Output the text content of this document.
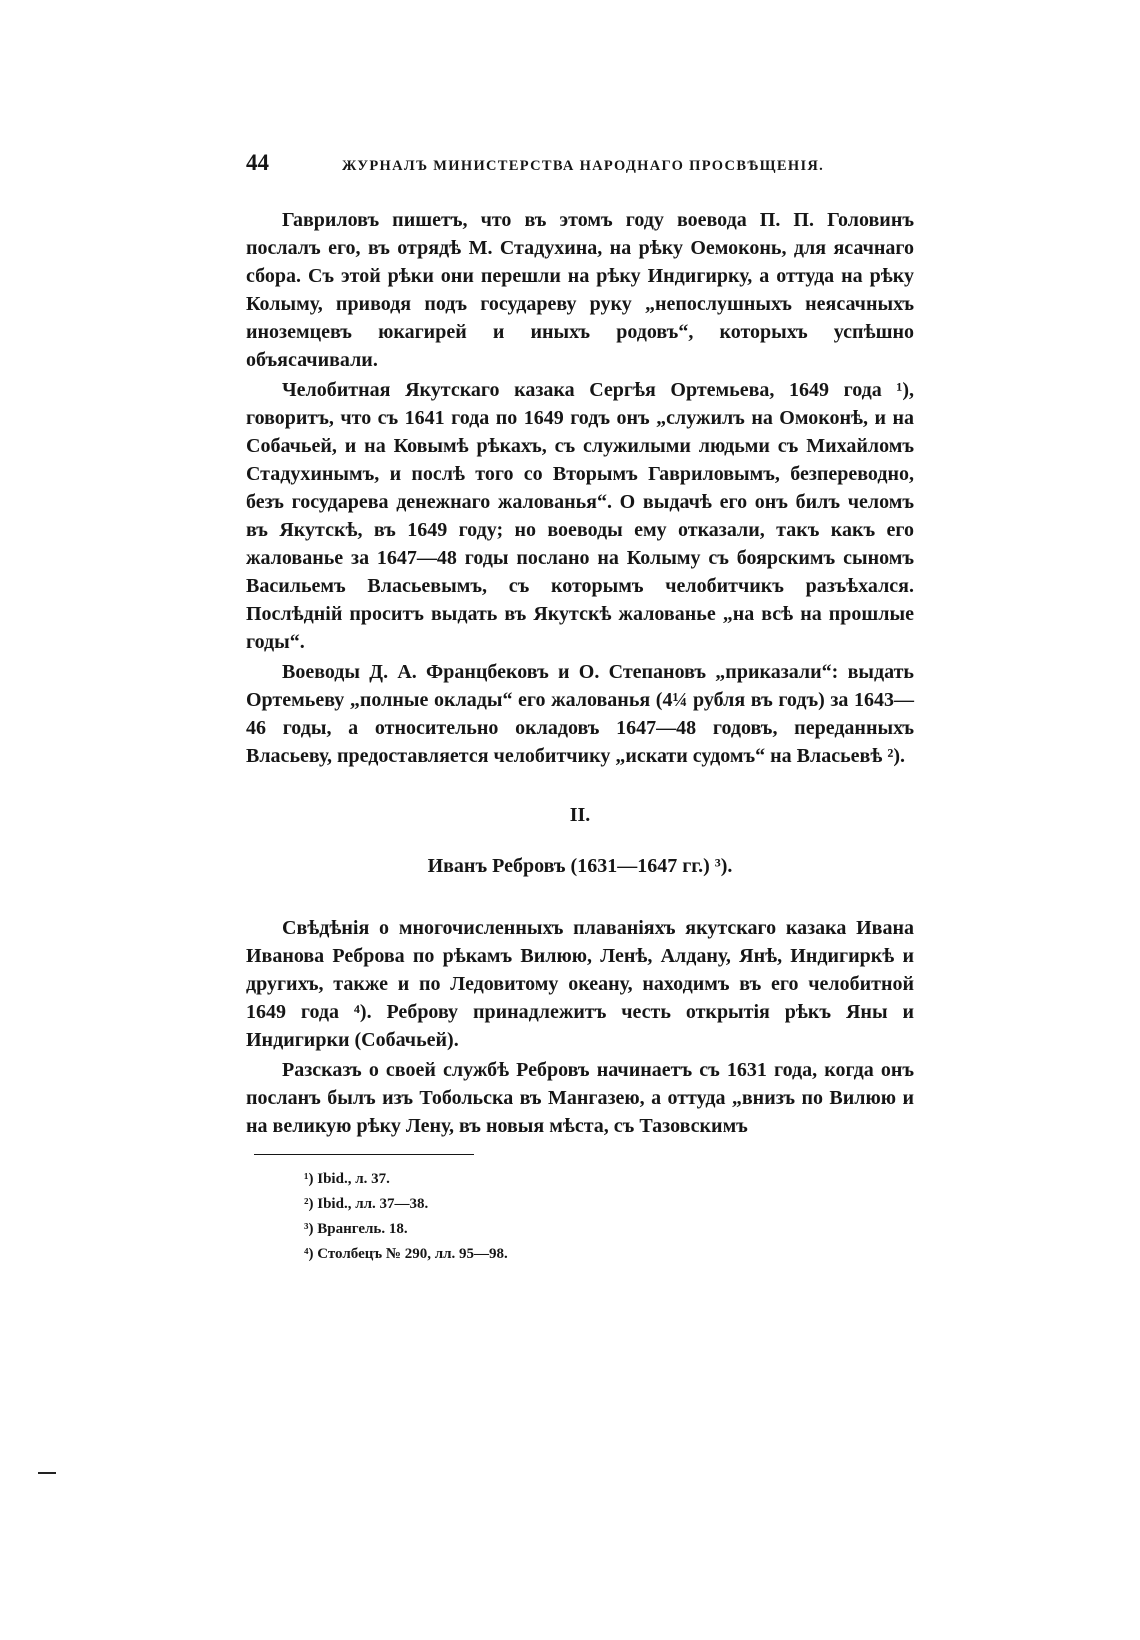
44	ЖУРНАЛЪ МИНИСТЕРСТВА НАРОДНАГО ПРОСВѢЩЕНІЯ.

Гавриловъ пишетъ, что въ этомъ году воевода П. П. Головинъ послалъ его, въ отрядѣ М. Стадухина, на рѣку Оемоконь, для ясачнаго сбора. Съ этой рѣки они перешли на рѣку Индигирку, а оттуда на рѣку Колыму, приводя подъ государеву руку „непослушныхъ неясачныхъ иноземцевъ юкагирей и иныхъ родовъ“, которыхъ успѣшно объясачивали.

Челобитная Якутскаго казака Сергѣя Ортемьева, 1649 года ¹), говоритъ, что съ 1641 года по 1649 годъ онъ „служилъ на Омоконѣ, и на Собачьей, и на Ковымѣ рѣкахъ, съ служилыми людьми съ Михайломъ Стадухинымъ, и послѣ того со Вторымъ Гавриловымъ, безпереводно, безъ государева денежнаго жалованья“. О выдачѣ его онъ билъ челомъ въ Якутскѣ, въ 1649 году; но воеводы ему отказали, такъ какъ его жалованье за 1647—48 годы послано на Колыму съ боярскимъ сыномъ Васильемъ Власьевымъ, съ которымъ челобитчикъ разъѣхался. Послѣдній проситъ выдать въ Якутскѣ жалованье „на всѣ на прошлые годы“.

Воеводы Д. А. Францбековъ и О. Степановъ „приказали“: выдать Ортемьеву „полные оклады“ его жалованья (4¼ рубля въ годъ) за 1643—46 годы, а относительно окладовъ 1647—48 годовъ, переданныхъ Власьеву, предоставляется челобитчику „искати судомъ“ на Власьевѣ ²).

II.
Иванъ Ребровъ (1631—1647 гг.) ³).

Свѣдѣнія о многочисленныхъ плаваніяхъ якутскаго казака Ивана Иванова Реброва по рѣкамъ Вилюю, Ленѣ, Алдану, Янѣ, Индигиркѣ и другихъ, также и по Ледовитому океану, находимъ въ его челобитной 1649 года ⁴). Реброву принадлежитъ честь открытія рѣкъ Яны и Индигирки (Собачьей).

Разсказъ о своей службѣ Ребровъ начинаетъ съ 1631 года, когда онъ посланъ былъ изъ Тобольска въ Мангазею, а оттуда „внизъ по Вилюю и на великую рѣку Лену, въ новыя мѣста, съ Тазовскимъ

¹) Ibid., л. 37.
²) Ibid., лл. 37—38.
³) Врангель. 18.
⁴) Столбецъ № 290, лл. 95—98.
